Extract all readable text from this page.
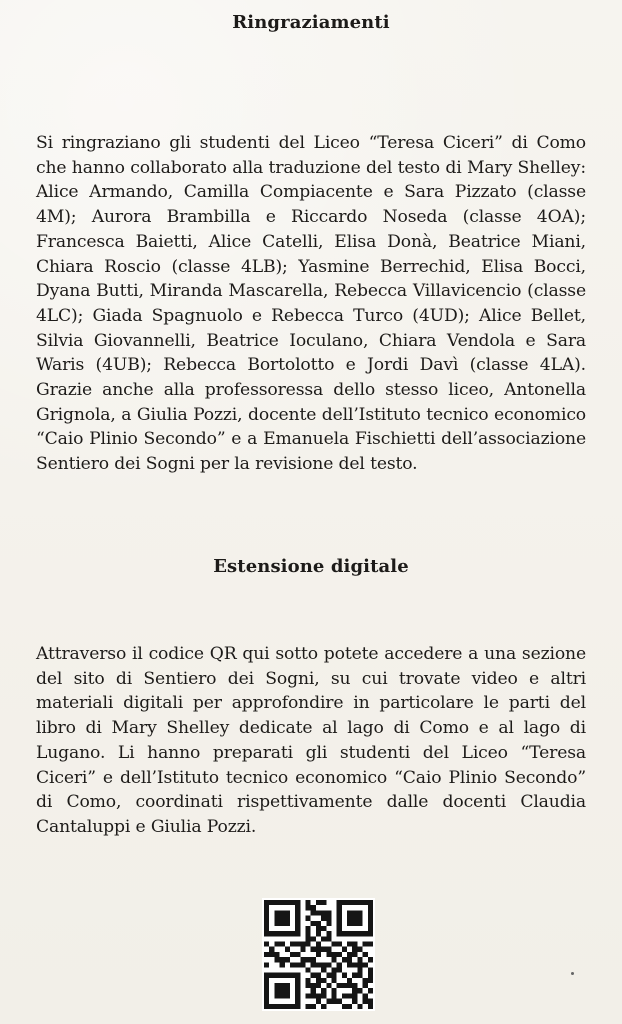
Ringraziamenti
Si ringraziano gli studenti del Liceo “Teresa Ciceri” di Como che hanno collaborato alla traduzione del testo di Mary Shelley: Alice Armando, Camilla Compiacente e Sara Pizzato (classe 4M); Aurora Brambilla e Riccardo Noseda (classe 4OA); Francesca Baietti, Alice Catelli, Elisa Donà, Beatrice Miani, Chiara Roscio (classe 4LB); Yasmine Berrechid, Elisa Bocci, Dyana Butti, Miranda Mascarella, Rebecca Villavicencio (classe 4LC); Giada Spagnuolo e Rebecca Turco (4UD); Alice Bellet, Silvia Giovannelli, Beatrice Ioculano, Chiara Vendola e Sara Waris (4UB); Rebecca Bortolotto e Jordi Davì (classe 4LA). Grazie anche alla professoressa dello stesso liceo, Antonella Grignola, a Giulia Pozzi, docente dell’Istituto tecnico economico “Caio Plinio Secondo” e a Emanuela Fischietti dell’associazione Sentiero dei Sogni per la revisione del testo.
Estensione digitale
Attraverso il codice QR qui sotto potete accedere a una sezione del sito di Sentiero dei Sogni, su cui trovate video e altri materiali digitali per approfondire in particolare le parti del libro di Mary Shelley dedicate al lago di Como e al lago di Lugano. Li hanno preparati gli studenti del Liceo “Teresa Ciceri” e dell’Istituto tecnico economico “Caio Plinio Secondo” di Como, coordinati rispettivamente dalle docenti Claudia Cantaluppi e Giulia Pozzi.
